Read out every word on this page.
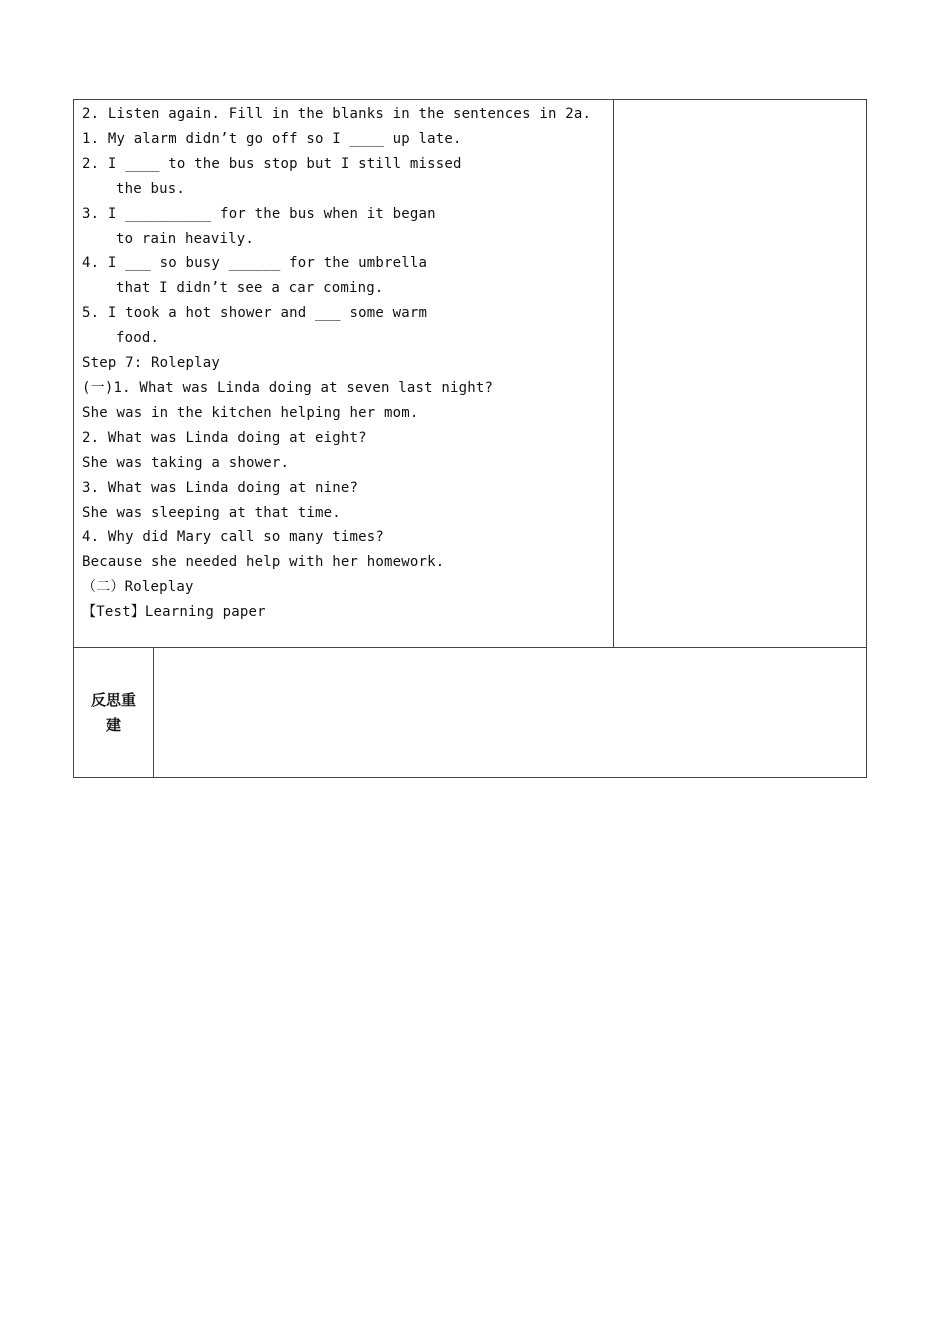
2. Listen again. Fill in the blanks in the sentences in 2a.
1. My alarm didn’t go off so I ____ up late.
2. I ____ to the bus stop but I still missed
the bus.
3. I __________ for the bus when it began
to rain heavily.
4. I ___ so busy ______ for the umbrella
that I didn’t see a car coming.
5. I took a hot shower and ___ some warm
food.
Step 7: Roleplay
(一)1. What was Linda doing at seven last night?
She was in the kitchen helping her mom.
2. What was Linda doing at eight?
She was taking a shower.
3. What was Linda doing at nine?
She was sleeping at that time.
4. Why did Mary call so many times?
Because she needed help with her homework.
（二）Roleplay
【Test】Learning paper
反思重建
